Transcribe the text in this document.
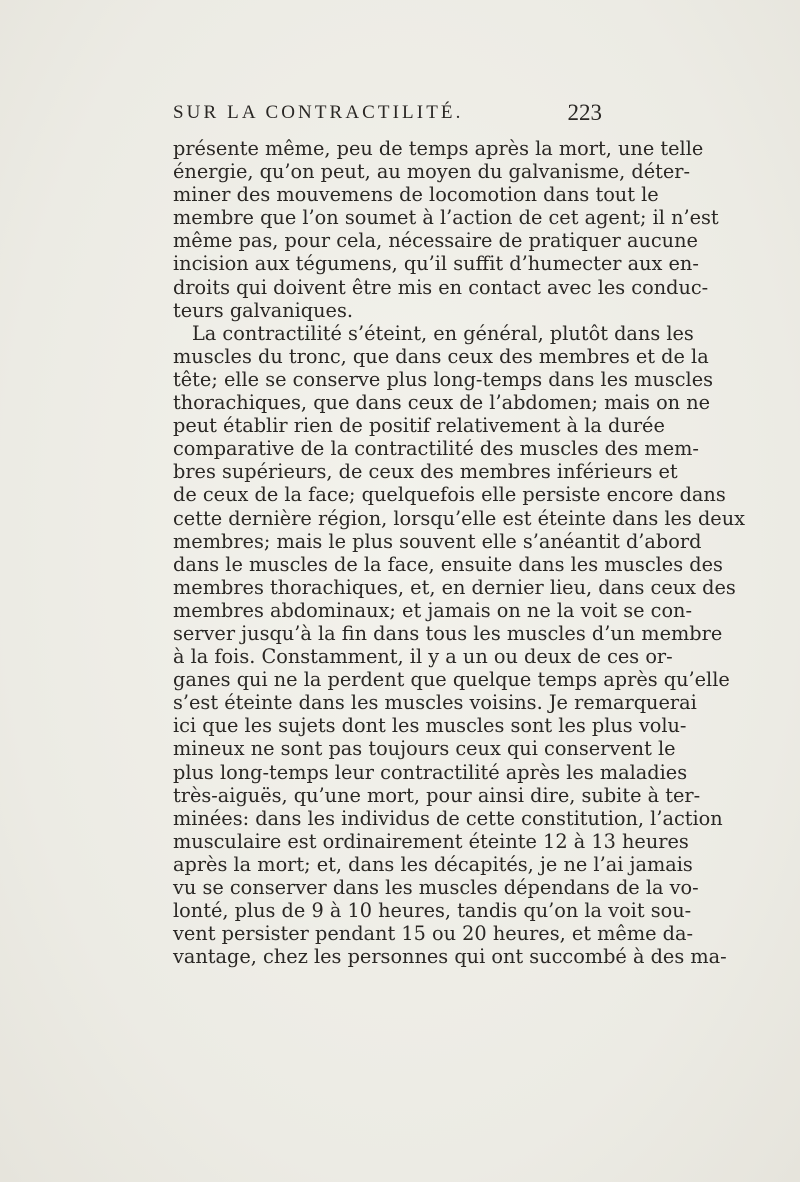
SUR LA CONTRACTILITÉ.	223
présente même, peu de temps après la mort, une telle
énergie, qu’on peut, au moyen du galvanisme, déter-
miner des mouvemens de locomotion dans tout le
membre que l’on soumet à l’action de cet agent; il n’est
même pas, pour cela, nécessaire de pratiquer aucune
incision aux tégumens, qu’il suffit d’humecter aux en-
droits qui doivent être mis en contact avec les conduc-
teurs galvaniques.
La contractilité s’éteint, en général, plutôt dans les
muscles du tronc, que dans ceux des membres et de la
tête; elle se conserve plus long-temps dans les muscles
thorachiques, que dans ceux de l’abdomen; mais on ne
peut établir rien de positif relativement à la durée
comparative de la contractilité des muscles des mem-
bres supérieurs, de ceux des membres inférieurs et
de ceux de la face; quelquefois elle persiste encore dans
cette dernière région, lorsqu’elle est éteinte dans les deux
membres; mais le plus souvent elle s’anéantit d’abord
dans le muscles de la face, ensuite dans les muscles des
membres thorachiques, et, en dernier lieu, dans ceux des
membres abdominaux; et jamais on ne la voit se con-
server jusqu’à la fin dans tous les muscles d’un membre
à la fois. Constamment, il y a un ou deux de ces or-
ganes qui ne la perdent que quelque temps après qu’elle
s’est éteinte dans les muscles voisins. Je remarquerai
ici que les sujets dont les muscles sont les plus volu-
mineux ne sont pas toujours ceux qui conservent le
plus long-temps leur contractilité après les maladies
très-aiguës, qu’une mort, pour ainsi dire, subite à ter-
minées: dans les individus de cette constitution, l’action
musculaire est ordinairement éteinte 12 à 13 heures
après la mort; et, dans les décapités, je ne l’ai jamais
vu se conserver dans les muscles dépendans de la vo-
lonté, plus de 9 à 10 heures, tandis qu’on la voit sou-
vent persister pendant 15 ou 20 heures, et même da-
vantage, chez les personnes qui ont succombé à des ma-
